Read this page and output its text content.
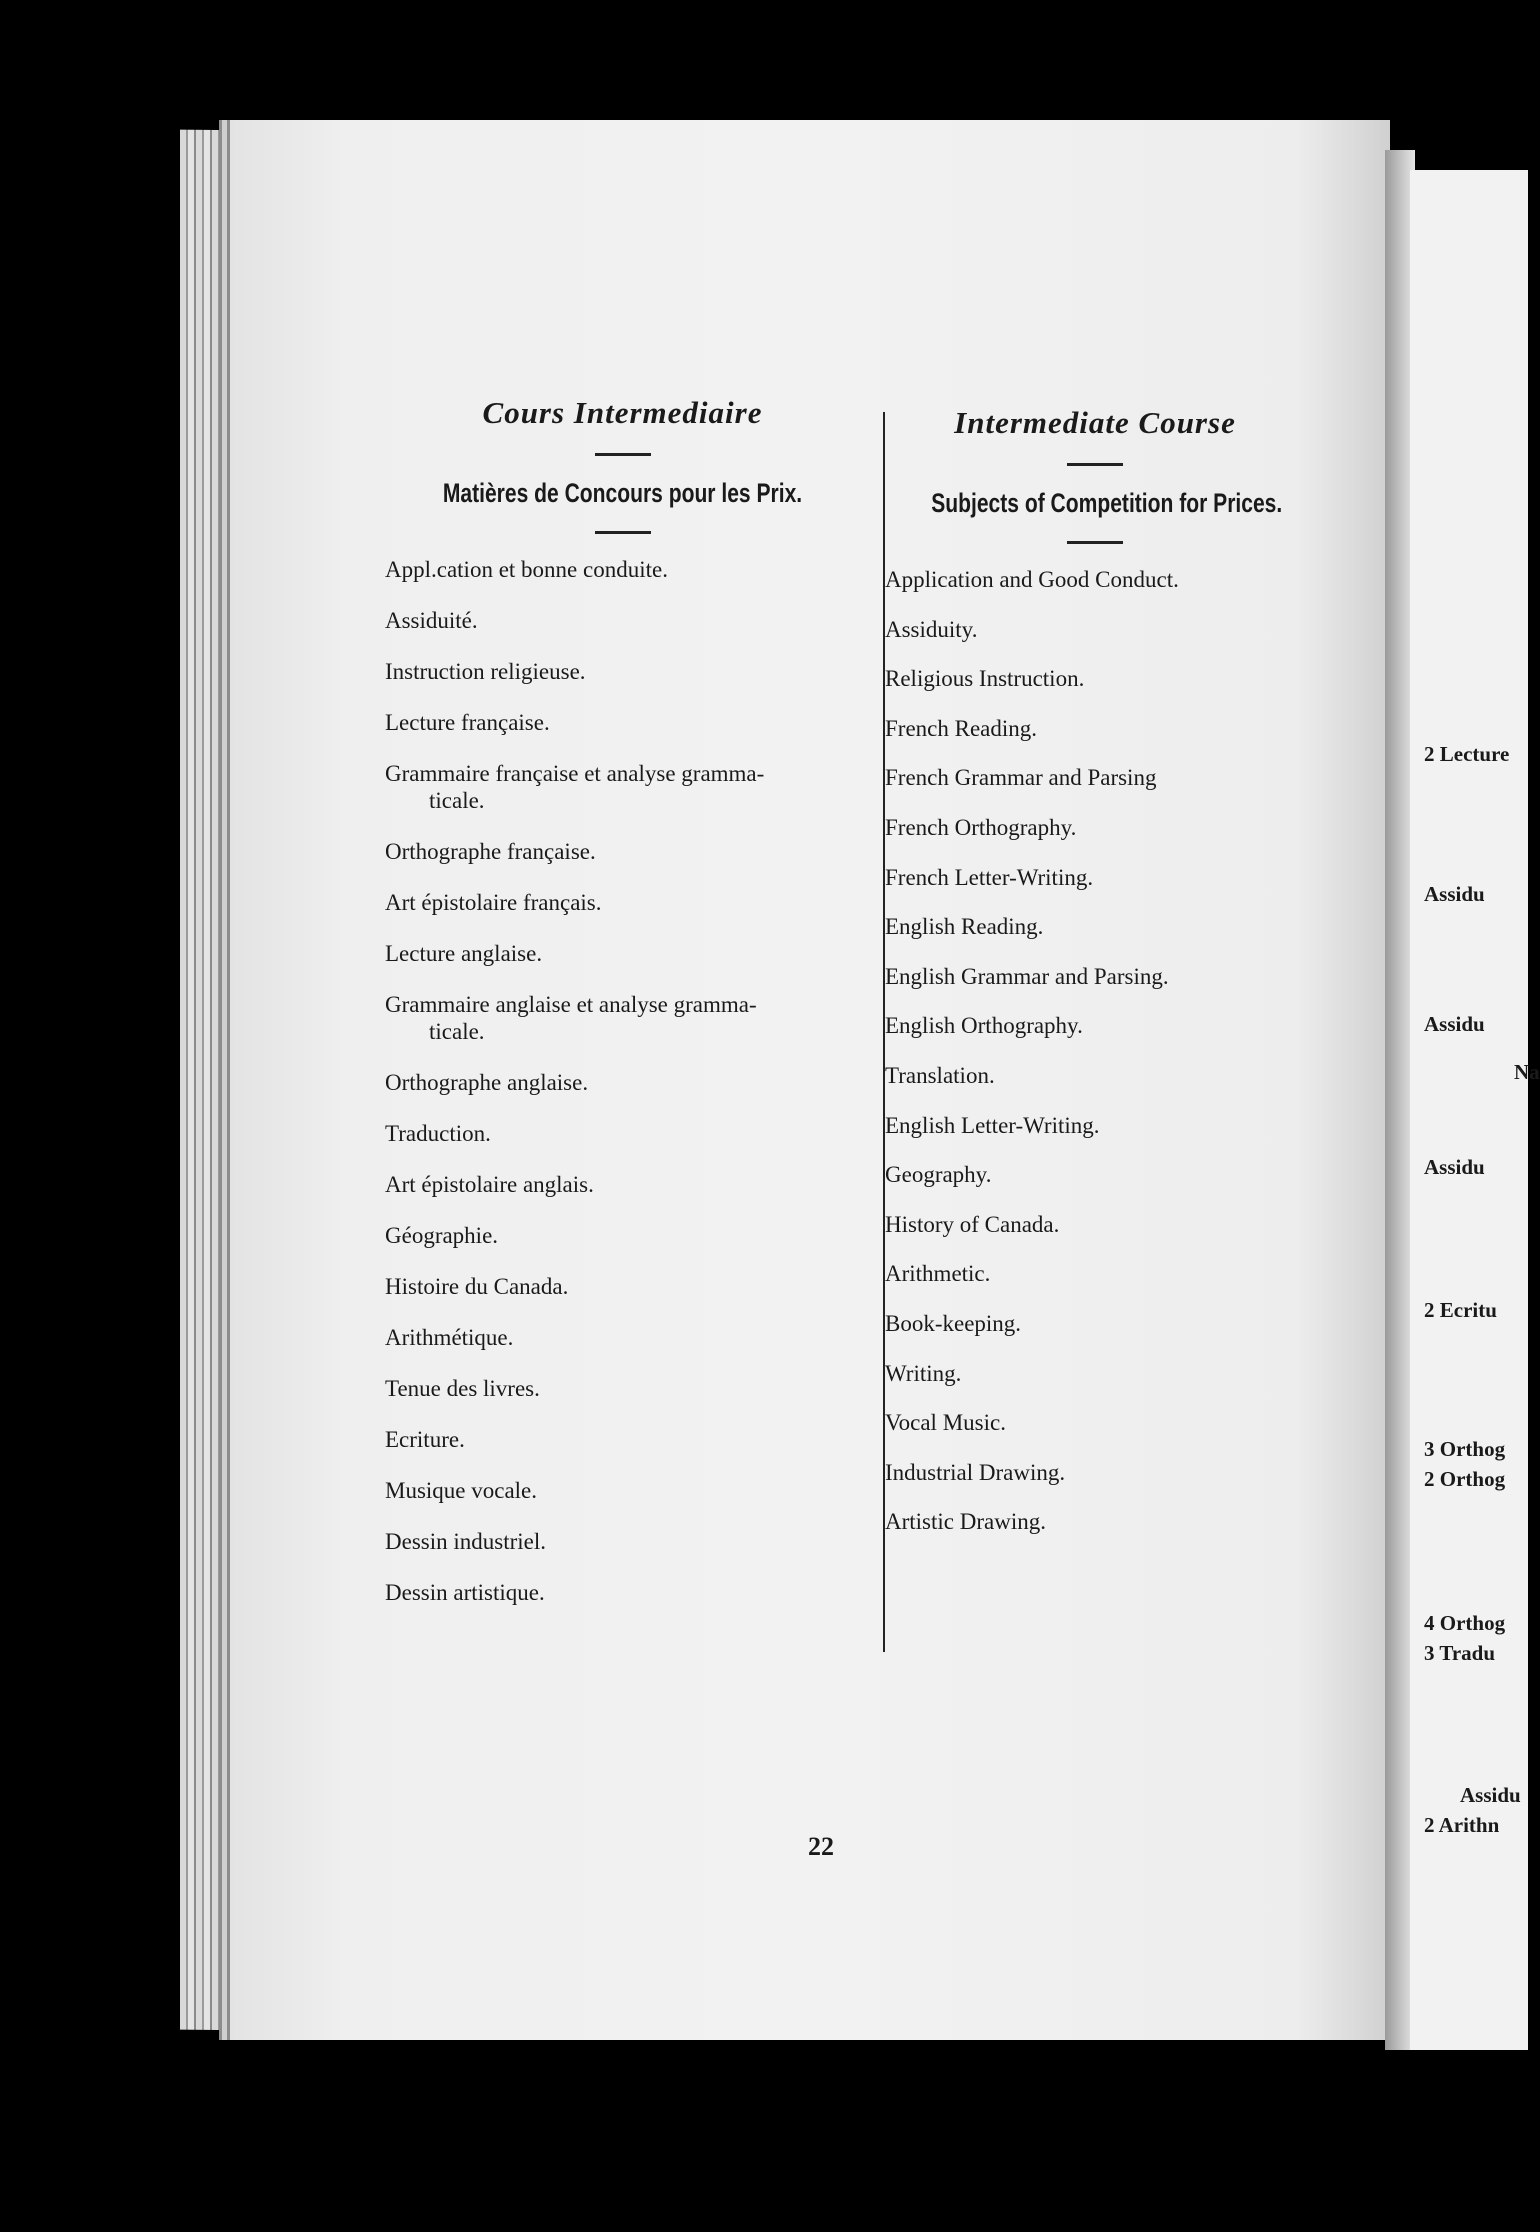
2 Lecture
Assidu
Assidu
Na
Assidu
2 Ecritu
3 Orthog
2 Orthog
4 Orthog
3 Tradu
Assidu
2 Arithn
Cours Intermediaire
Matières de Concours pour les Prix.
Appl.cation et bonne conduite.
Assiduité.
Instruction religieuse.
Lecture française.
Grammaire française et analyse gramma-
ticale.
Orthographe française.
Art épistolaire français.
Lecture anglaise.
Grammaire anglaise et analyse gramma-
ticale.
Orthographe anglaise.
Traduction.
Art épistolaire anglais.
Géographie.
Histoire du Canada.
Arithmétique.
Tenue des livres.
Ecriture.
Musique vocale.
Dessin industriel.
Dessin artistique.
Intermediate Course
Subjects of Competition for Prices.
Application and Good Conduct.
Assiduity.
Religious Instruction.
French Reading.
French Grammar and Parsing
French Orthography.
French Letter-Writing.
English Reading.
English Grammar and Parsing.
English Orthography.
Translation.
English Letter-Writing.
Geography.
History of Canada.
Arithmetic.
Book-keeping.
Writing.
Vocal Music.
Industrial Drawing.
Artistic Drawing.
22
